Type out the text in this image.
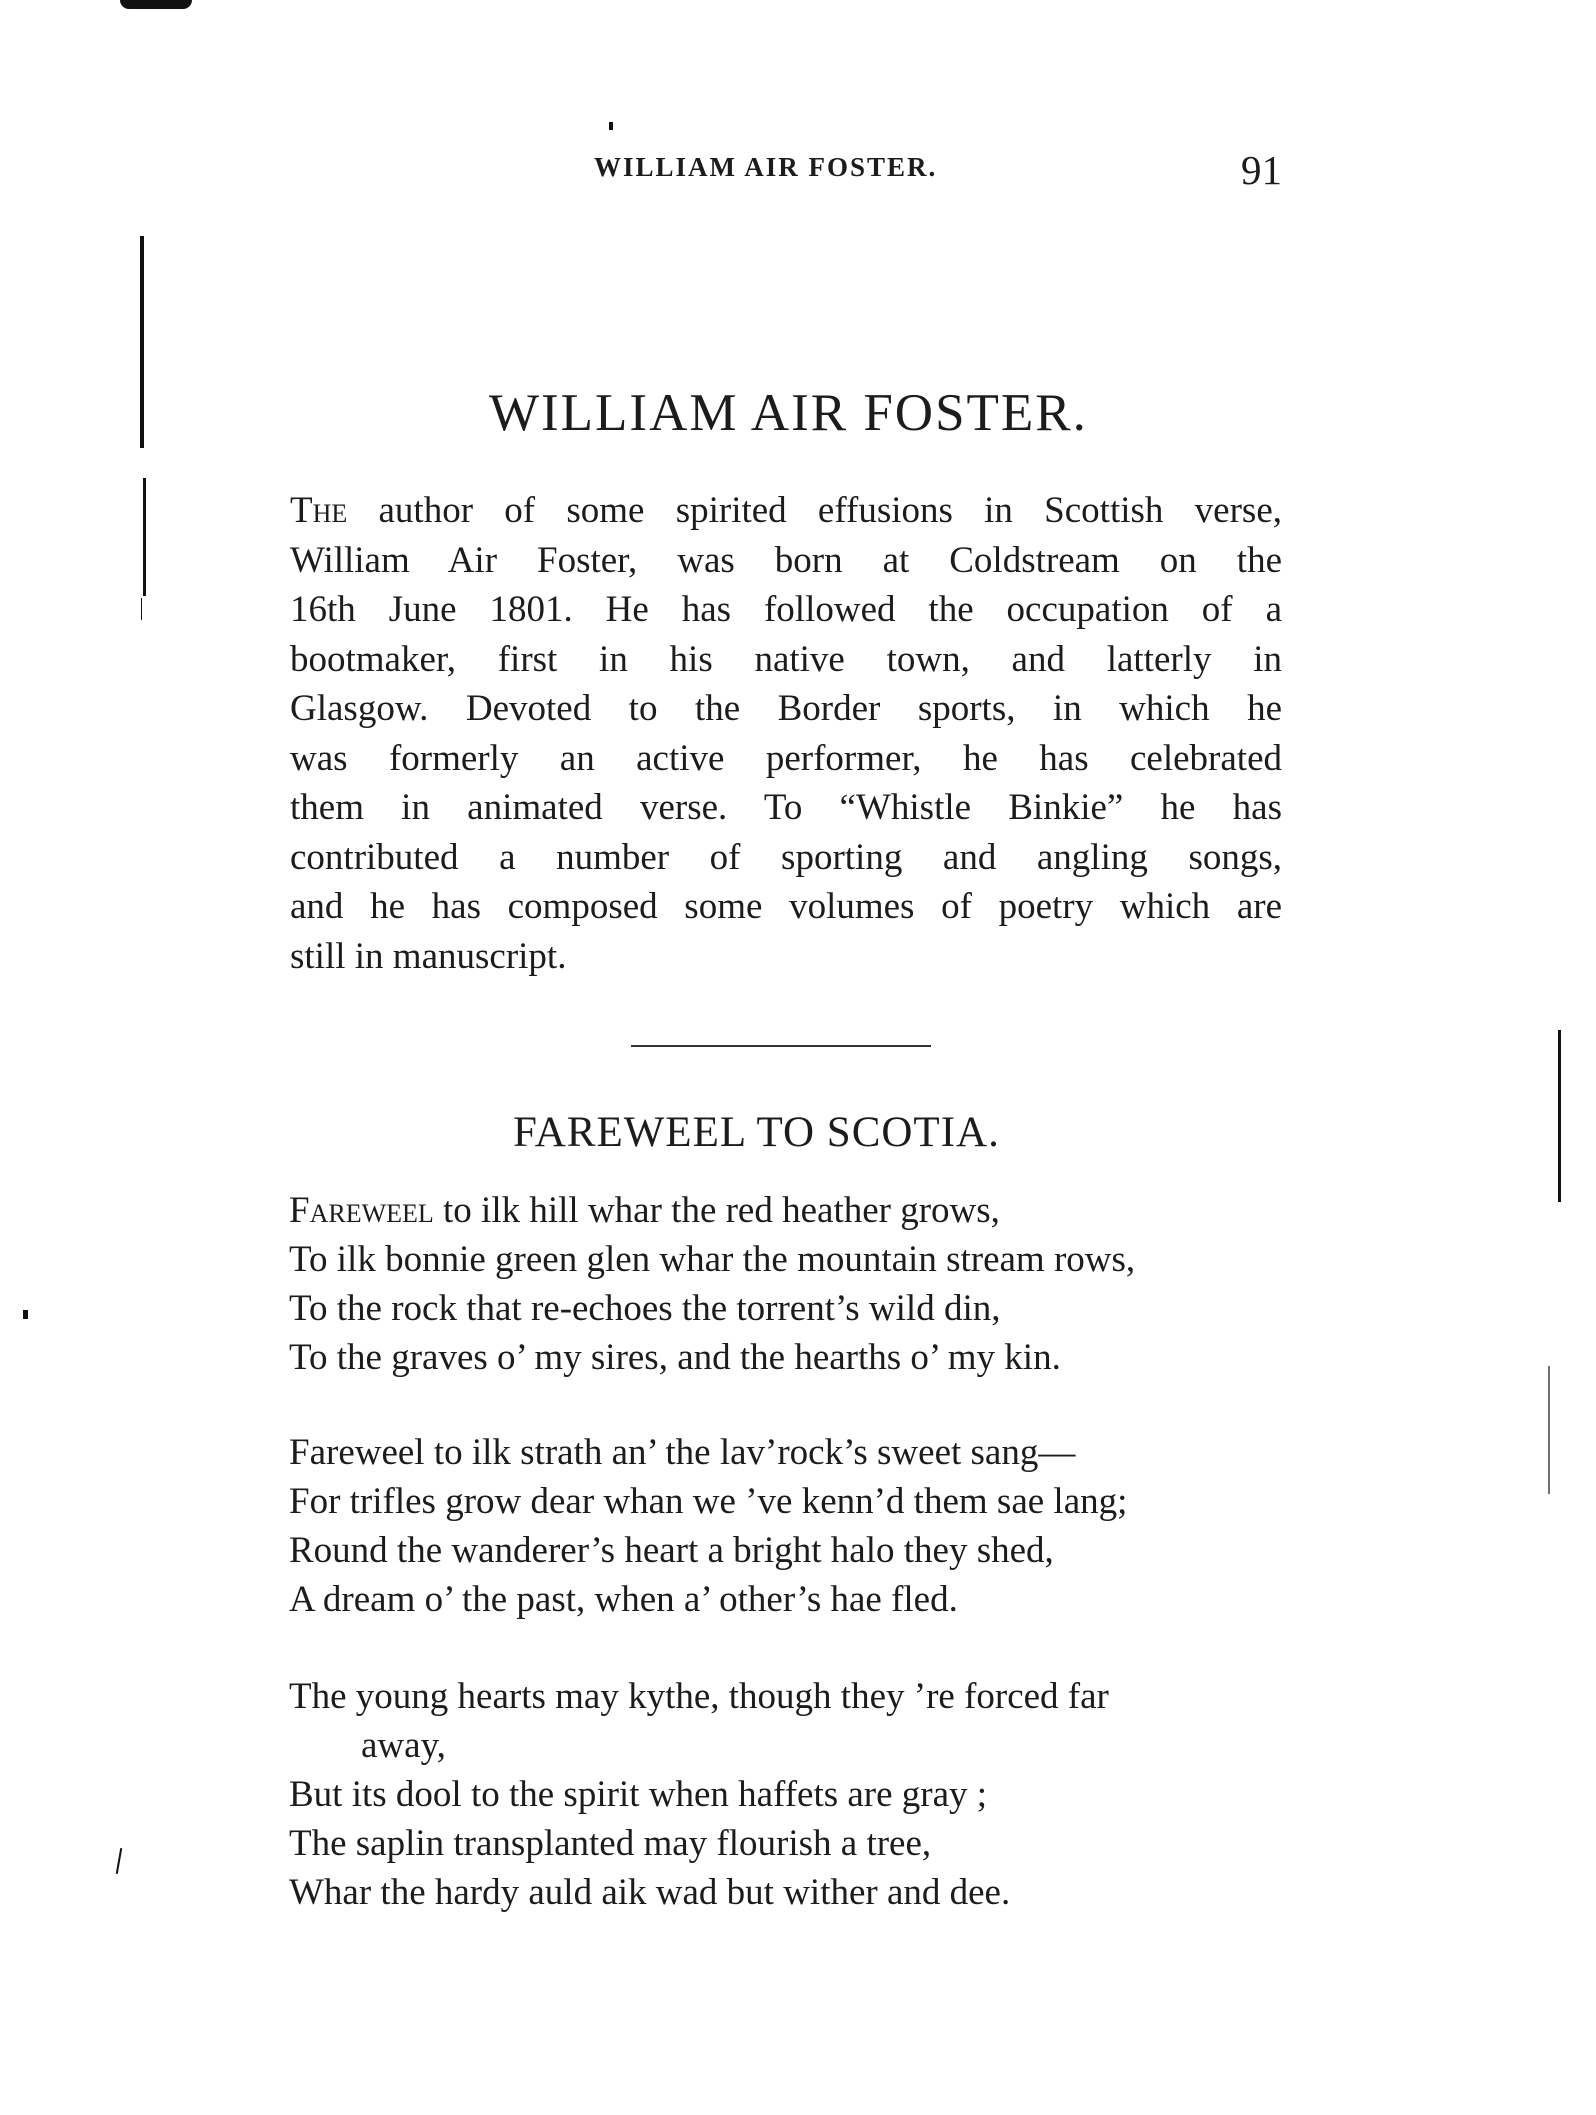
WILLIAM AIR FOSTER.	91
WILLIAM AIR FOSTER.
The author of some spirited effusions in Scottish verse,
William Air Foster, was born at Coldstream on the
16th June 1801. He has followed the occupation of a
bootmaker, first in his native town, and latterly in
Glasgow. Devoted to the Border sports, in which he
was formerly an active performer, he has celebrated
them in animated verse. To “Whistle Binkie” he has
contributed a number of sporting and angling songs,
and he has composed some volumes of poetry which are
still in manuscript.
FAREWEEL TO SCOTIA.
Fareweel to ilk hill whar the red heather grows,
To ilk bonnie green glen whar the mountain stream rows,
To the rock that re-echoes the torrent’s wild din,
To the graves o’ my sires, and the hearths o’ my kin.
Fareweel to ilk strath an’ the lav’rock’s sweet sang—
For trifles grow dear whan we ’ve kenn’d them sae lang;
Round the wanderer’s heart a bright halo they shed,
A dream o’ the past, when a’ other’s hae fled.
The young hearts may kythe, though they ’re forced far
away,
But its dool to the spirit when haffets are gray ;
The saplin transplanted may flourish a tree,
Whar the hardy auld aik wad but wither and dee.
